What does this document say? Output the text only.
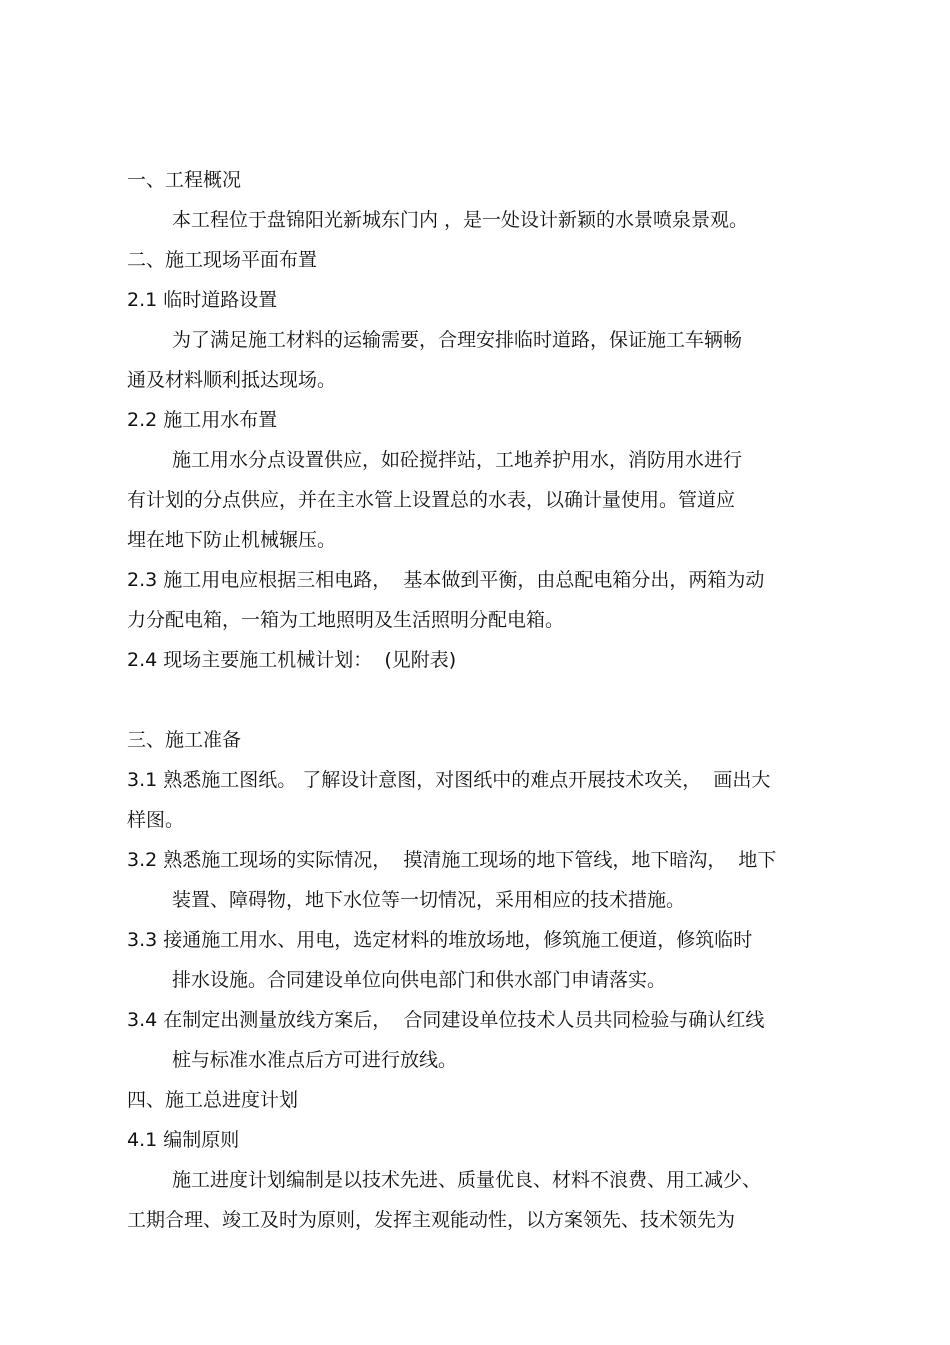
一、工程概况
本工程位于盘锦阳光新城东门内 ，是一处设计新颖的水景喷泉景观。
二、施工现场平面布置
2.1 临时道路设置
为了满足施工材料的运输需要，合理安排临时道路，保证施工车辆畅
通及材料顺利抵达现场。
2.2 施工用水布置
施工用水分点设置供应，如砼搅拌站，工地养护用水，消防用水进行
有计划的分点供应，并在主水管上设置总的水表，以确计量使用。管道应
埋在地下防止机械辗压。
2.3 施工用电应根据三相电路，  基本做到平衡，由总配电箱分出，两箱为动
力分配电箱，一箱为工地照明及生活照明分配电箱。
2.4 现场主要施工机械计划：  (见附表)
三、施工准备
3.1 熟悉施工图纸。 了解设计意图，对图纸中的难点开展技术攻关，  画出大
样图。
3.2 熟悉施工现场的实际情况，  摸清施工现场的地下管线，地下暗沟，  地下
装置、障碍物，地下水位等一切情况，采用相应的技术措施。
3.3 接通施工用水、用电，选定材料的堆放场地，修筑施工便道，修筑临时
排水设施。合同建设单位向供电部门和供水部门申请落实。
3.4 在制定出测量放线方案后，  合同建设单位技术人员共同检验与确认红线
桩与标准水准点后方可进行放线。
四、施工总进度计划
4.1 编制原则
施工进度计划编制是以技术先进、质量优良、材料不浪费、用工减少、
工期合理、竣工及时为原则，发挥主观能动性，以方案领先、技术领先为
